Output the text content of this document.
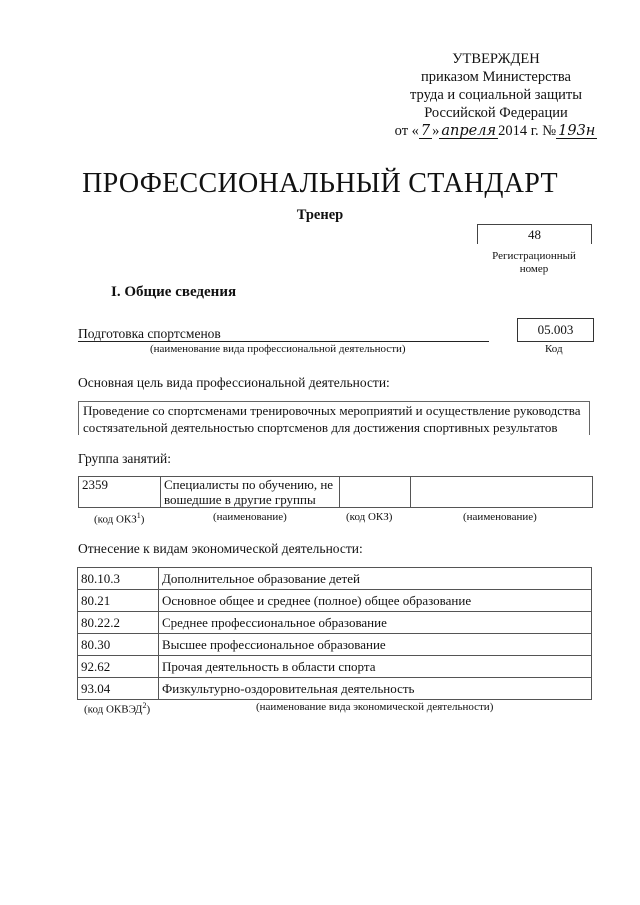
УТВЕРЖДЕН
приказом Министерства
труда и социальной защиты
Российской Федерации
от « 7 » апреля 2014 г. № 193н
ПРОФЕССИОНАЛЬНЫЙ СТАНДАРТ
Тренер
48
Регистрационный
номер
I. Общие сведения
Подготовка спортсменов
(наименование вида профессиональной деятельности)
05.003
Код
Основная цель вида профессиональной деятельности:
Проведение со спортсменами тренировочных мероприятий и осуществление руководства
состязательной деятельностью спортсменов для достижения спортивных результатов
Группа занятий:
2359	Специалисты по обучению, не
вошедшие в другие группы

(код ОКЗ$^1$)	(наименование)	(код ОКЗ)	(наименование)
Отнесение к видам экономической деятельности:
80.10.3	Дополнительное образование детей
80.21	Основное общее и среднее (полное) общее образование
80.22.2	Среднее профессиональное образование
80.30	Высшее профессиональное образование
92.62	Прочая деятельность в области спорта
93.04	Физкультурно-оздоровительная деятельность
(код ОКВЭД$^2$)	(наименование вида экономической деятельности)
